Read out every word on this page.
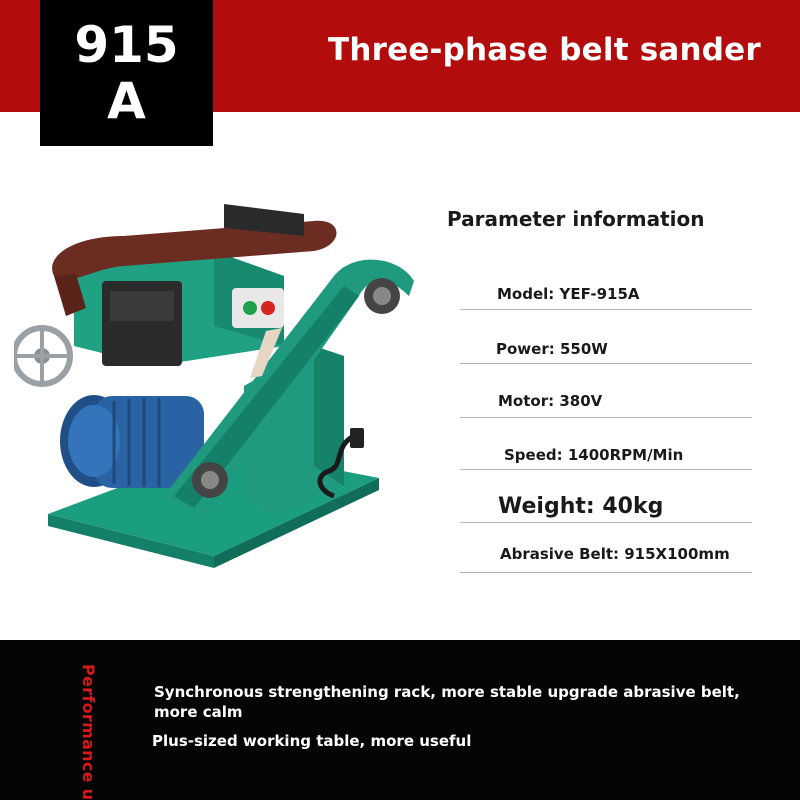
915
A
Three-phase belt sander
Parameter information
Model: YEF-915A
Power: 550W
Motor: 380V
Speed: 1400RPM/Min
Weight: 40kg
Abrasive Belt: 915X100mm
Performance u	Synchronous strengthening rack, more stable upgrade abrasive belt, more calm
Plus-sized working table, more useful
